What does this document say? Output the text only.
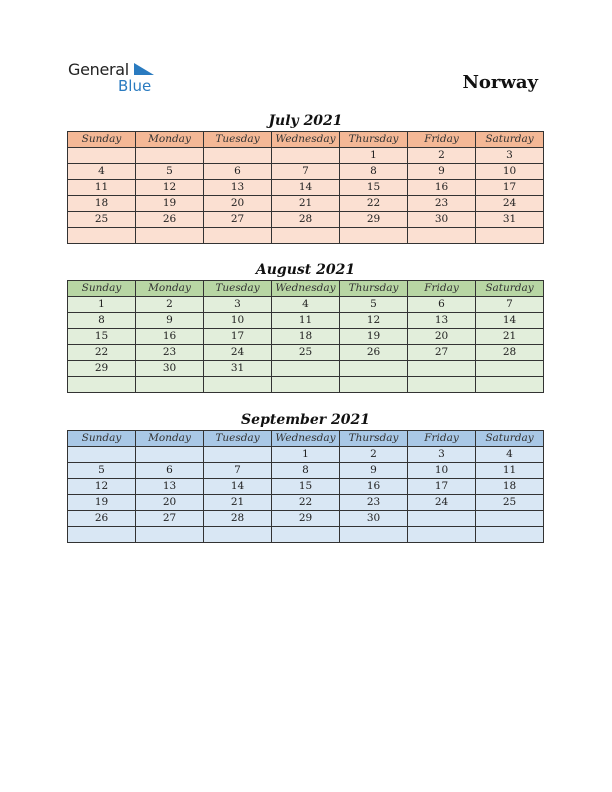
General
Blue	Norway
July 2021
Sunday	Monday	Tuesday	Wednesday	Thursday	Friday	Saturday
				1	2	3
4	5	6	7	8	9	10
11	12	13	14	15	16	17
18	19	20	21	22	23	24
25	26	27	28	29	30	31

August 2021
Sunday	Monday	Tuesday	Wednesday	Thursday	Friday	Saturday
1	2	3	4	5	6	7
8	9	10	11	12	13	14
15	16	17	18	19	20	21
22	23	24	25	26	27	28
29	30	31				

September 2021
Sunday	Monday	Tuesday	Wednesday	Thursday	Friday	Saturday
			1	2	3	4
5	6	7	8	9	10	11
12	13	14	15	16	17	18
19	20	21	22	23	24	25
26	27	28	29	30		
